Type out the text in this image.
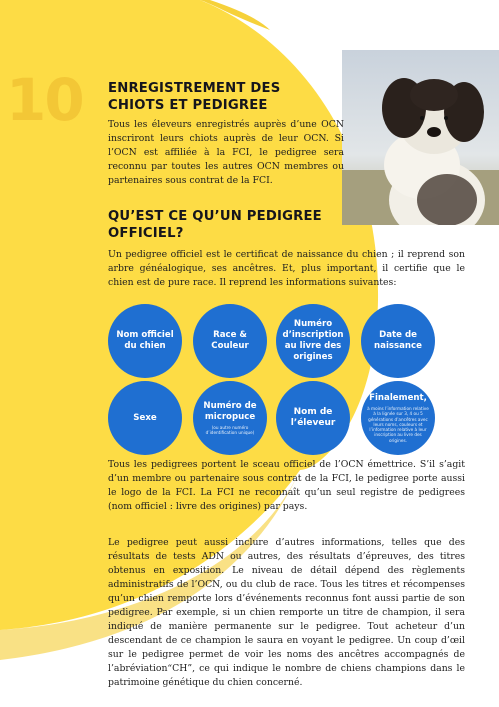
10 ENREGISTREMENT DES CHIOTS ET PEDIGREE
Tous les éleveurs enregistrés auprès d’une OCN inscriront leurs chiots auprès de leur OCN. Si l’OCN est affiliée à la FCI, le pedigree sera reconnu par toutes les autres OCN membres ou partenaires sous contrat de la FCI.
QU’EST CE QU’UN PEDIGREE OFFICIEL?
Un pedigree officiel est le certificat de naissance du chien ; il reprend son arbre généalogique, ses ancêtres. Et, plus important, il certifie que le chien est de pure race. Il reprend les informations suivantes:
Nom officiel du chien
Race & Couleur
Numéro d’inscription au livre des origines
Date de naissance
Sexe
Numéro de micropuce
(ou autre numéro d’identification unique)
Nom de l’éleveur
Finalement,
à moins l’information relative à la lignée sur 3, 4 ou 5 générations d’ancêtres avec leurs noms, couleurs et l’information relative à leur inscription au livre des origines.
Tous les pedigrees portent le sceau officiel de l’OCN émettrice. S’il s’agit d’un membre ou partenaire sous contrat de la FCI, le pedigree porte aussi le logo de la FCI. La FCI ne reconnaît qu’un seul registre de pedigrees (nom officiel : livre des origines) par pays.
Le pedigree peut aussi inclure d’autres informations, telles que des résultats de tests ADN ou autres, des résultats d’épreuves, des titres obtenus en exposition. Le niveau de détail dépend des règlements administratifs de l’OCN, ou du club de race. Tous les titres et récompenses qu’un chien remporte lors d’événements reconnus font aussi partie de son pedigree. Par exemple, si un chien remporte un titre de champion, il sera indiqué de manière permanente sur le pedigree. Tout acheteur d’un descendant de ce champion le saura en voyant le pedigree. Un coup d’œil sur le pedigree permet de voir les noms des ancêtres accompagnés de l’abréviation“CH”, ce qui indique le nombre de chiens champions dans le patrimoine génétique du chien concerné.
